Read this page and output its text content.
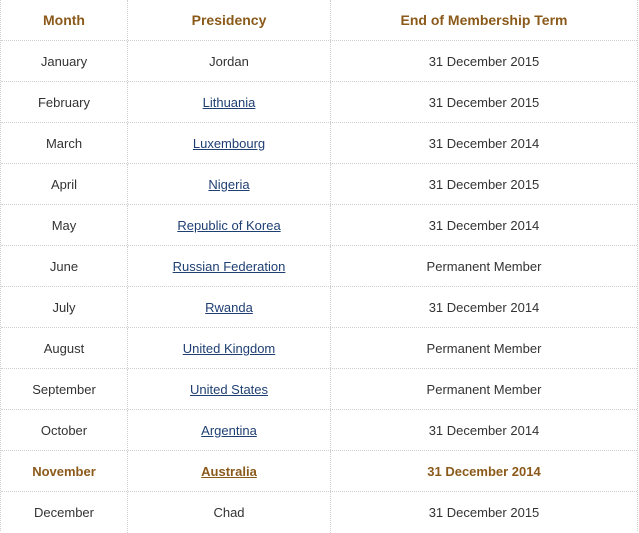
Month	Presidency	End of Membership Term
January	Jordan	31 December 2015
February	Lithuania	31 December 2015
March	Luxembourg	31 December 2014
April	Nigeria	31 December 2015
May	Republic of Korea	31 December 2014
June	Russian Federation	Permanent Member
July	Rwanda	31 December 2014
August	United Kingdom	Permanent Member
September	United States	Permanent Member
October	Argentina	31 December 2014
November	Australia	31 December 2014
December	Chad	31 December 2015
